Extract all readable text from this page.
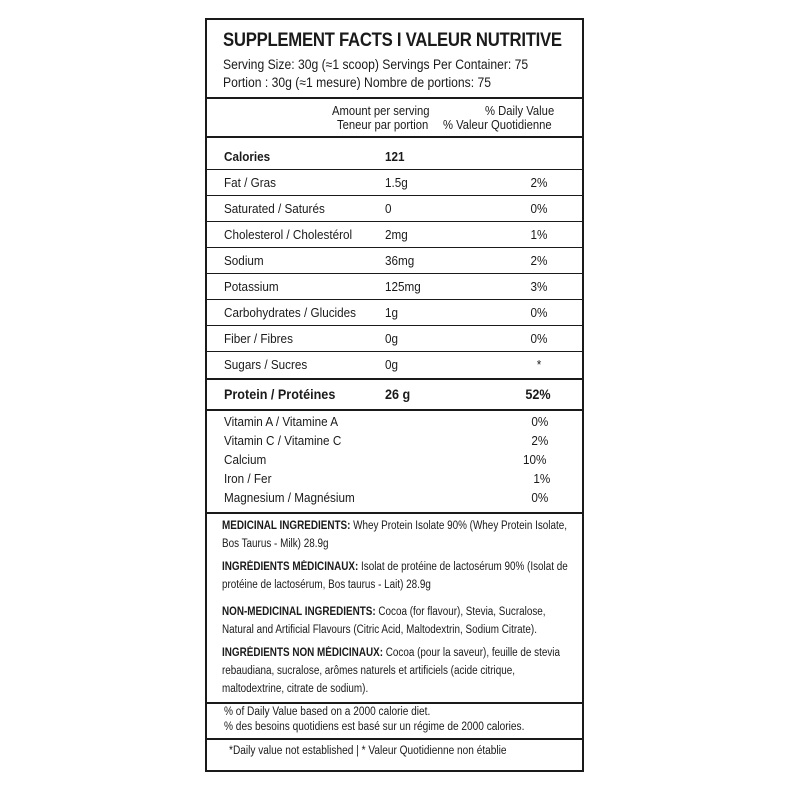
SUPPLEMENT FACTS I VALEUR NUTRITIVE
Serving Size: 30g (≈1 scoop) Servings Per Container: 75
Portion : 30g (≈1 mesure) Nombre de portions: 75
Amount per serving
Teneur par portion
% Daily Value
% Valeur Quotidienne
Calories	121
Fat / Gras	1.5g	2%
Saturated / Saturés	0	0%
Cholesterol / Cholestérol	2mg	1%
Sodium	36mg	2%
Potassium	125mg	3%
Carbohydrates / Glucides 1g	0%
Fiber / Fibres	0g	0%
Sugars / Sucres	0g	*
Protein / Protéines	26 g	52%
Vitamin A / Vitamine A	0%
Vitamin C / Vitamine C	2%
Calcium	10%
Iron / Fer	1%
Magnesium / Magnésium	0%
MEDICINAL INGREDIENTS: Whey Protein Isolate 90% (Whey Protein Isolate, Bos Taurus - Milk) 28.9g
INGRÉDIENTS MÉDICINAUX: Isolat de protéine de lactosérum 90% (Isolat de protéine de lactosérum, Bos taurus - Lait) 28.9g
NON-MEDICINAL INGREDIENTS: Cocoa (for flavour), Stevia, Sucralose, Natural and Artificial Flavours (Citric Acid, Maltodextrin, Sodium Citrate).
INGRÉDIENTS NON MÉDICINAUX: Cocoa (pour la saveur), feuille de stevia rebaudiana, sucralose, arômes naturels et artificiels (acide citrique, maltodextrine, citrate de sodium).
% of Daily Value based on a 2000 calorie diet.
% des besoins quotidiens est basé sur un régime de 2000 calories.
*Daily value not established | * Valeur Quotidienne non établie
